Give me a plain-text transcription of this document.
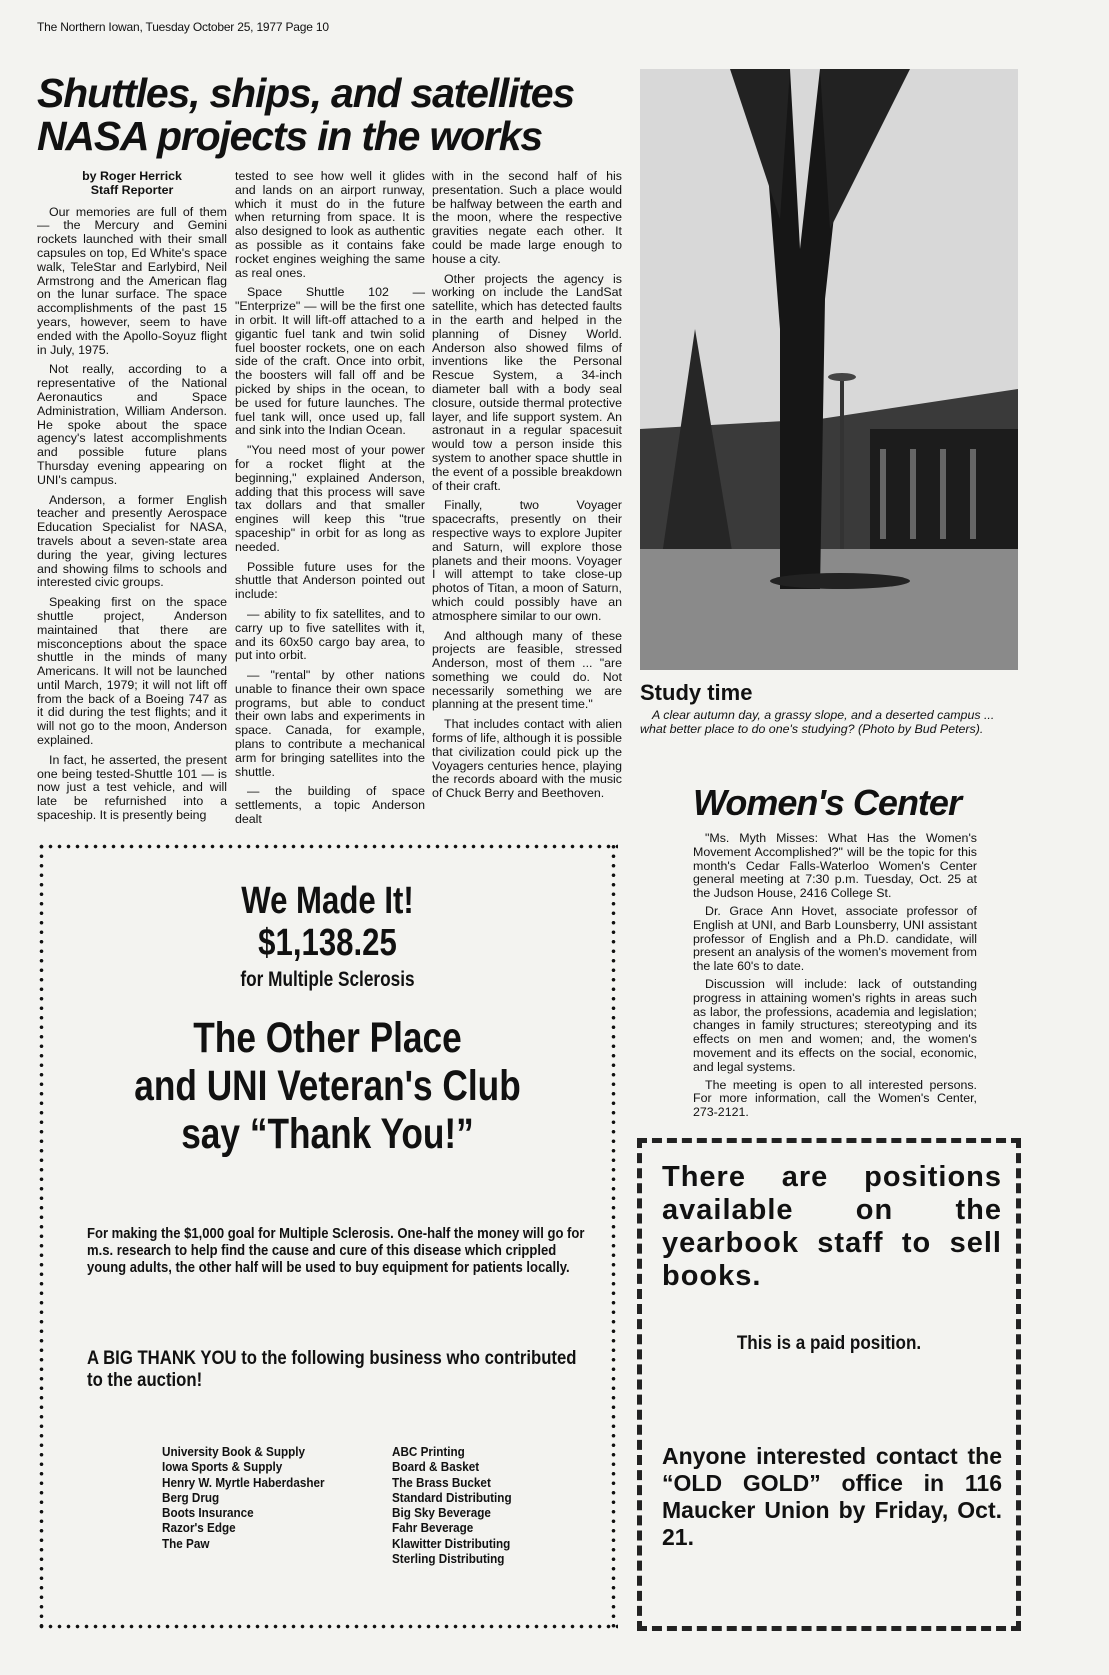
The Northern Iowan, Tuesday October 25, 1977 Page 10
Shuttles, ships, and satellites
NASA projects in the works
by Roger Herrick
Staff Reporter

Our memories are full of them — the Mercury and Gemini rockets launched with their small capsules on top, Ed White's space walk, TeleStar and Earlybird, Neil Armstrong and the American flag on the lunar surface. The space accomplishments of the past 15 years, however, seem to have ended with the Apollo-Soyuz flight in July, 1975.

Not really, according to a representative of the National Aeronautics and Space Administration, William Anderson. He spoke about the space agency's latest accomplishments and possible future plans Thursday evening appearing on UNI's campus.

Anderson, a former English teacher and presently Aerospace Education Specialist for NASA, travels about a seven-state area during the year, giving lectures and showing films to schools and interested civic groups.

Speaking first on the space shuttle project, Anderson maintained that there are misconceptions about the space shuttle in the minds of many Americans. It will not be launched until March, 1979; it will not lift off from the back of a Boeing 747 as it did during the test flights; and it will not go to the moon, Anderson explained.

In fact, he asserted, the present one being tested-Shuttle 101 — is now just a test vehicle, and will late be refurnished into a spaceship. It is presently being

tested to see how well it glides and lands on an airport runway, which it must do in the future when returning from space. It is also designed to look as authentic as possible as it contains fake rocket engines weighing the same as real ones.

Space Shuttle 102 — "Enterprize" — will be the first one in orbit. It will lift-off attached to a gigantic fuel tank and twin solid fuel booster rockets, one on each side of the craft. Once into orbit, the boosters will fall off and be picked by ships in the ocean, to be used for future launches. The fuel tank will, once used up, fall and sink into the Indian Ocean.

"You need most of your power for a rocket flight at the beginning," explained Anderson, adding that this process will save tax dollars and that smaller engines will keep this "true spaceship" in orbit for as long as needed.

Possible future uses for the shuttle that Anderson pointed out include:

— ability to fix satellites, and to carry up to five satellites with it, and its 60x50 cargo bay area, to put into orbit.

— "rental" by other nations unable to finance their own space programs, but able to conduct their own labs and experiments in space. Canada, for example, plans to contribute a mechanical arm for bringing satellites into the shuttle.

— the building of space settlements, a topic Anderson dealt

with in the second half of his presentation. Such a place would be halfway between the earth and the moon, where the respective gravities negate each other. It could be made large enough to house a city.

Other projects the agency is working on include the LandSat satellite, which has detected faults in the earth and helped in the planning of Disney World. Anderson also showed films of inventions like the Personal Rescue System, a 34-inch diameter ball with a body seal closure, outside thermal protective layer, and life support system. An astronaut in a regular spacesuit would tow a person inside this system to another space shuttle in the event of a possible breakdown of their craft.

Finally, two Voyager spacecrafts, presently on their respective ways to explore Jupiter and Saturn, will explore those planets and their moons. Voyager I will attempt to take close-up photos of Titan, a moon of Saturn, which could possibly have an atmosphere similar to our own.

And although many of these projects are feasible, stressed Anderson, most of them ... "are something we could do. Not necessarily something we are planning at the present time."

That includes contact with alien forms of life, although it is possible that civilization could pick up the Voyagers centuries hence, playing the records aboard with the music of Chuck Berry and Beethoven.

Study time
A clear autumn day, a grassy slope, and a deserted campus ... what better place to do one's studying? (Photo by Bud Peters).
Women's Center

"Ms. Myth Misses: What Has the Women's Movement Accomplished?" will be the topic for this month's Cedar Falls-Waterloo Women's Center general meeting at 7:30 p.m. Tuesday, Oct. 25 at the Judson House, 2416 College St.

Dr. Grace Ann Hovet, associate professor of English at UNI, and Barb Lounsberry, UNI assistant professor of English and a Ph.D. candidate, will present an analysis of the women's movement from the late 60's to date.

Discussion will include: lack of outstanding progress in attaining women's rights in areas such as labor, the professions, academia and legislation; changes in family structures; stereotyping and its effects on men and women; and, the women's movement and its effects on the social, economic, and legal systems.

The meeting is open to all interested persons. For more information, call the Women's Center, 273-2121.

We Made It!
$1,138.25
for Multiple Sclerosis
The Other Place
and UNI Veteran's Club
say “Thank You!”
For making the $1,000 goal for Multiple Sclerosis. One-half the money will go for m.s. research to help find the cause and cure of this disease which crippled young adults, the other half will be used to buy equipment for patients locally.
A BIG THANK YOU to the following business who contributed to the auction!
University Book & Supply
Iowa Sports & Supply
Henry W. Myrtle Haberdasher
Berg Drug
Boots Insurance
Razor's Edge
The Paw
ABC Printing
Board & Basket
The Brass Bucket
Standard Distributing
Big Sky Beverage
Fahr Beverage
Klawitter Distributing
Sterling Distributing
There are positions available on the yearbook staff to sell books.
This is a paid position.
Anyone interested contact the “OLD GOLD” office in 116 Maucker Union by Friday, Oct. 21.
